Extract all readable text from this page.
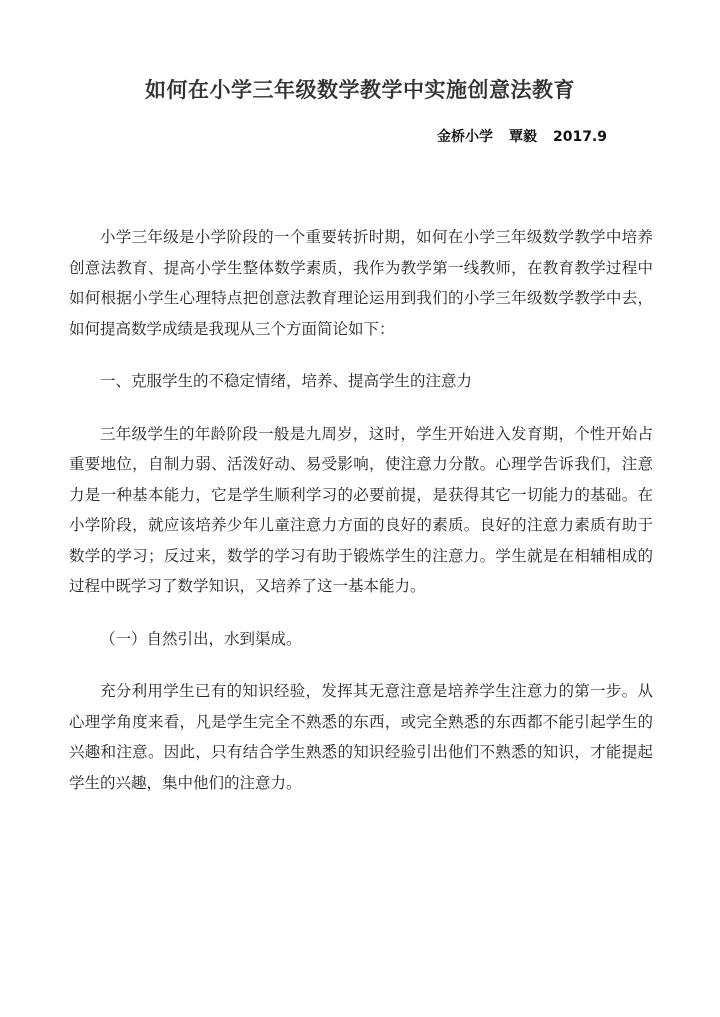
如何在小学三年级数学教学中实施创意法教育
金桥小学 覃毅 2017.9

小学三年级是小学阶段的一个重要转折时期，如何在小学三年级数学教学中培养创意法教育、提高小学生整体数学素质，我作为教学第一线教师，在教育教学过程中如何根据小学生心理特点把创意法教育理论运用到我们的小学三年级数学教学中去，如何提高数学成绩是我现从三个方面简论如下：

一、克服学生的不稳定情绪，培养、提高学生的注意力

三年级学生的年龄阶段一般是九周岁，这时，学生开始进入发育期，个性开始占重要地位，自制力弱、活泼好动、易受影响，使注意力分散。心理学告诉我们，注意力是一种基本能力，它是学生顺利学习的必要前提，是获得其它一切能力的基础。在小学阶段，就应该培养少年儿童注意力方面的良好的素质。良好的注意力素质有助于数学的学习；反过来，数学的学习有助于锻炼学生的注意力。学生就是在相辅相成的过程中既学习了数学知识，又培养了这一基本能力。

（一）自然引出，水到渠成。

充分利用学生已有的知识经验，发挥其无意注意是培养学生注意力的第一步。从心理学角度来看，凡是学生完全不熟悉的东西，或完全熟悉的东西都不能引起学生的兴趣和注意。因此，只有结合学生熟悉的知识经验引出他们不熟悉的知识，才能提起学生的兴趣，集中他们的注意力。
